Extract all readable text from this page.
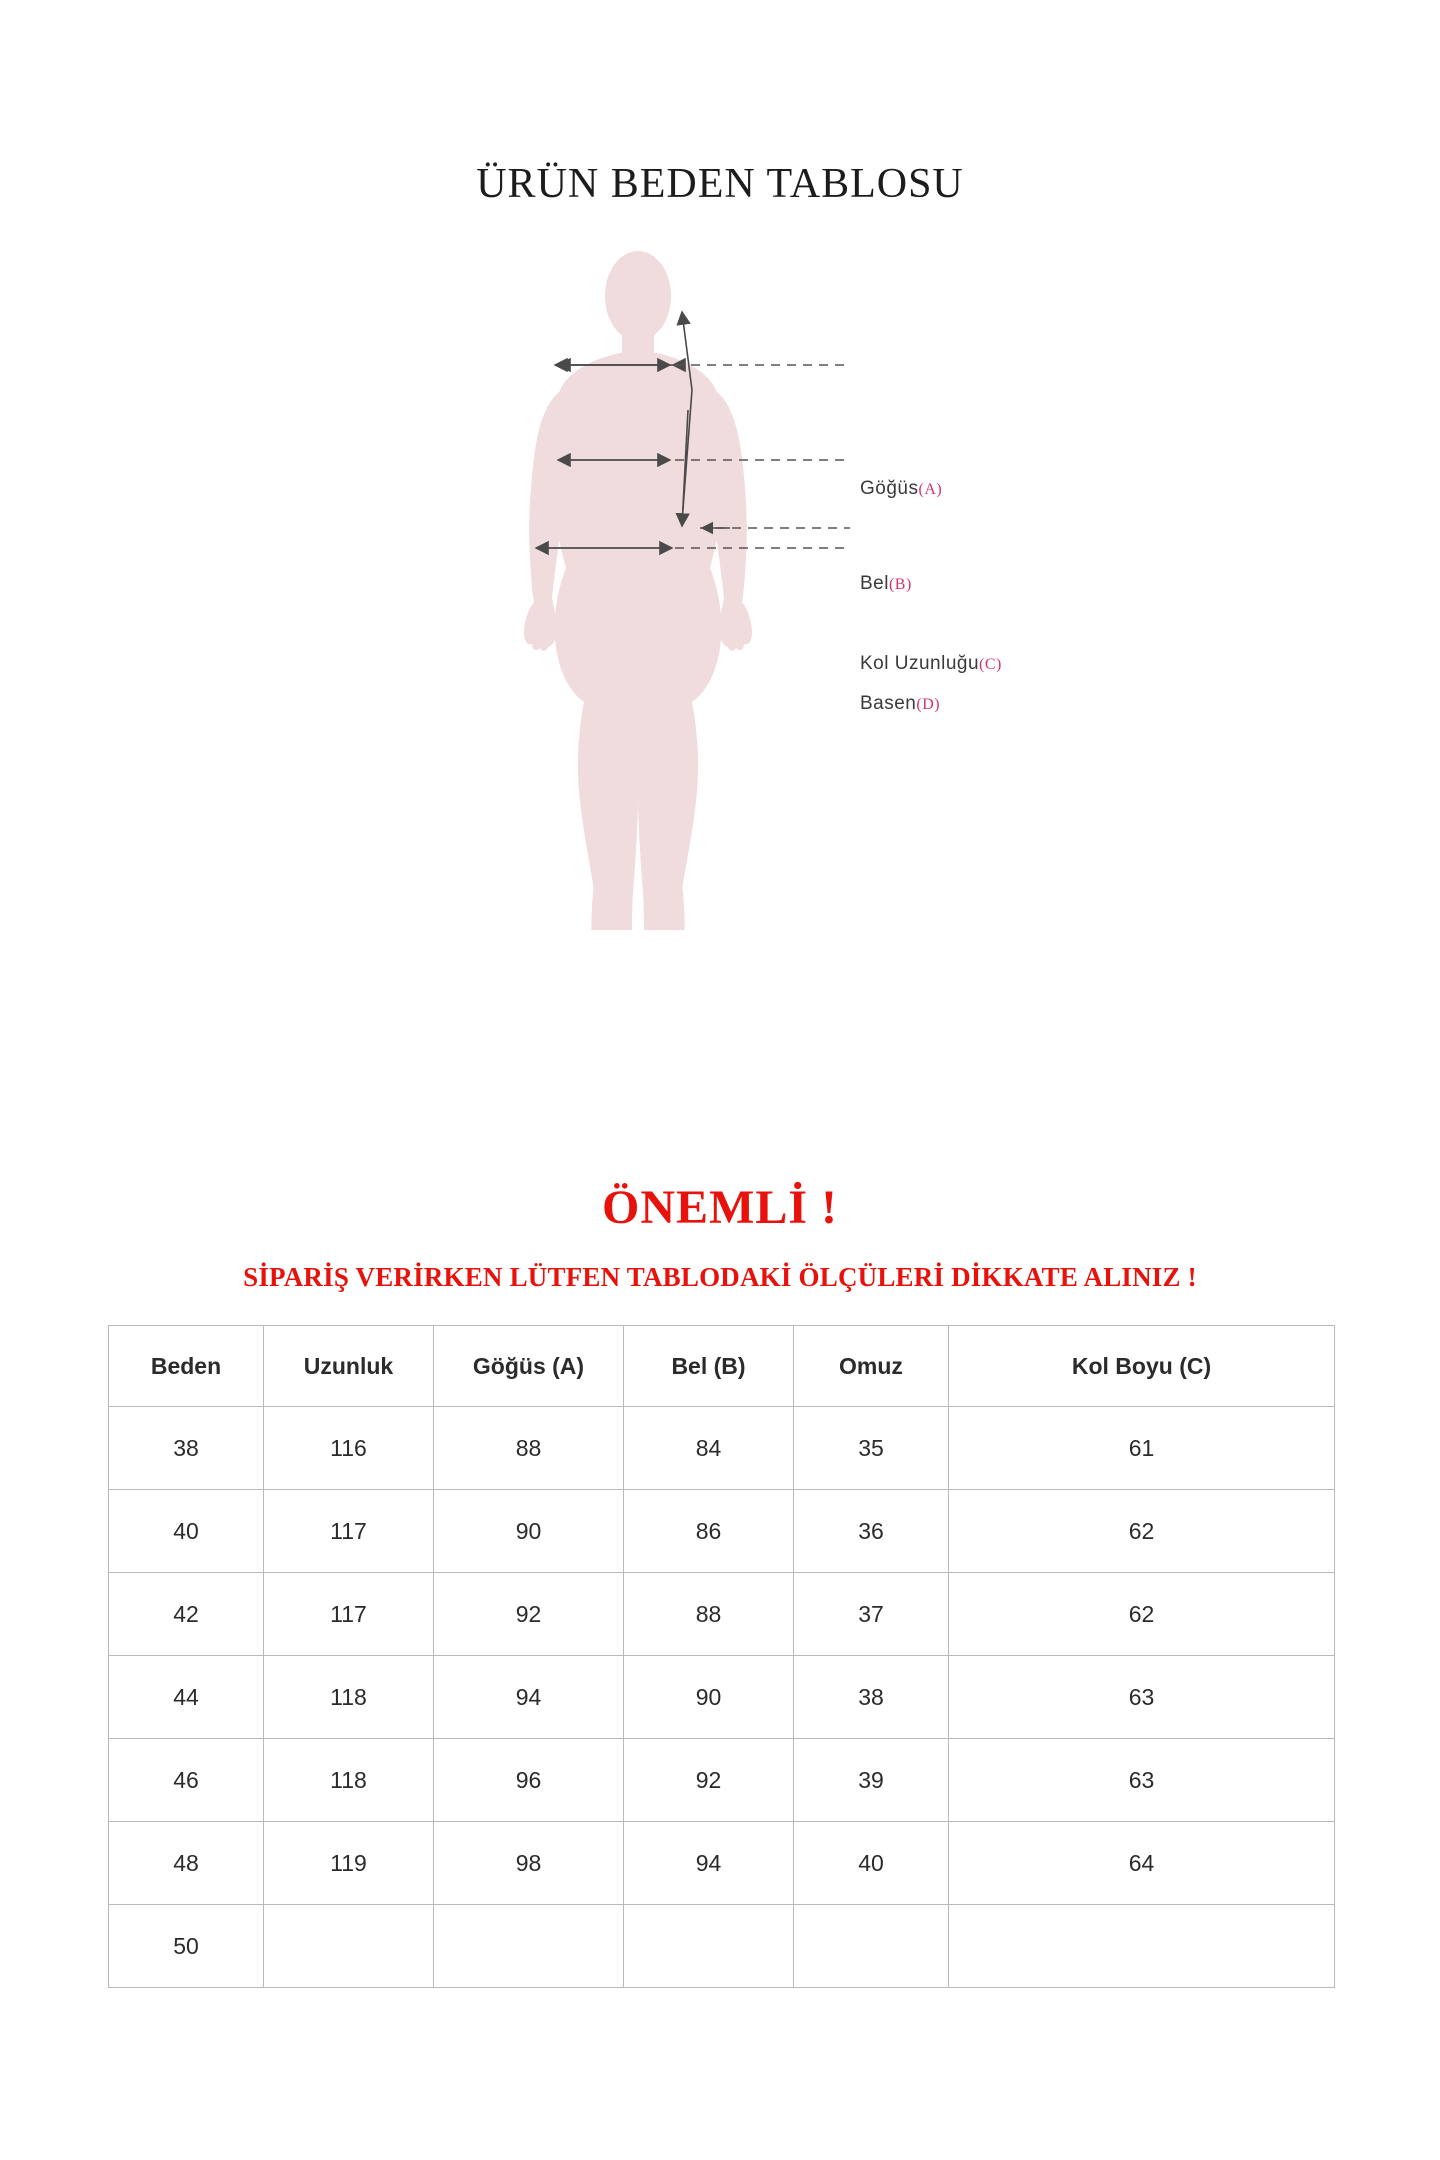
ÜRÜN BEDEN TABLOSU
Göğüs(A)
Bel(B)
Kol Uzunluğu(C)
Basen(D)
ÖNEMLİ !
SİPARİŞ VERİRKEN LÜTFEN TABLODAKİ ÖLÇÜLERİ DİKKATE ALINIZ !
Beden	Uzunluk	Göğüs (A)	Bel (B)	Omuz	Kol Boyu (C)
38	116	88	84	35	61
40	117	90	86	36	62
42	117	92	88	37	62
44	118	94	90	38	63
46	118	96	92	39	63
48	119	98	94	40	64
50					
